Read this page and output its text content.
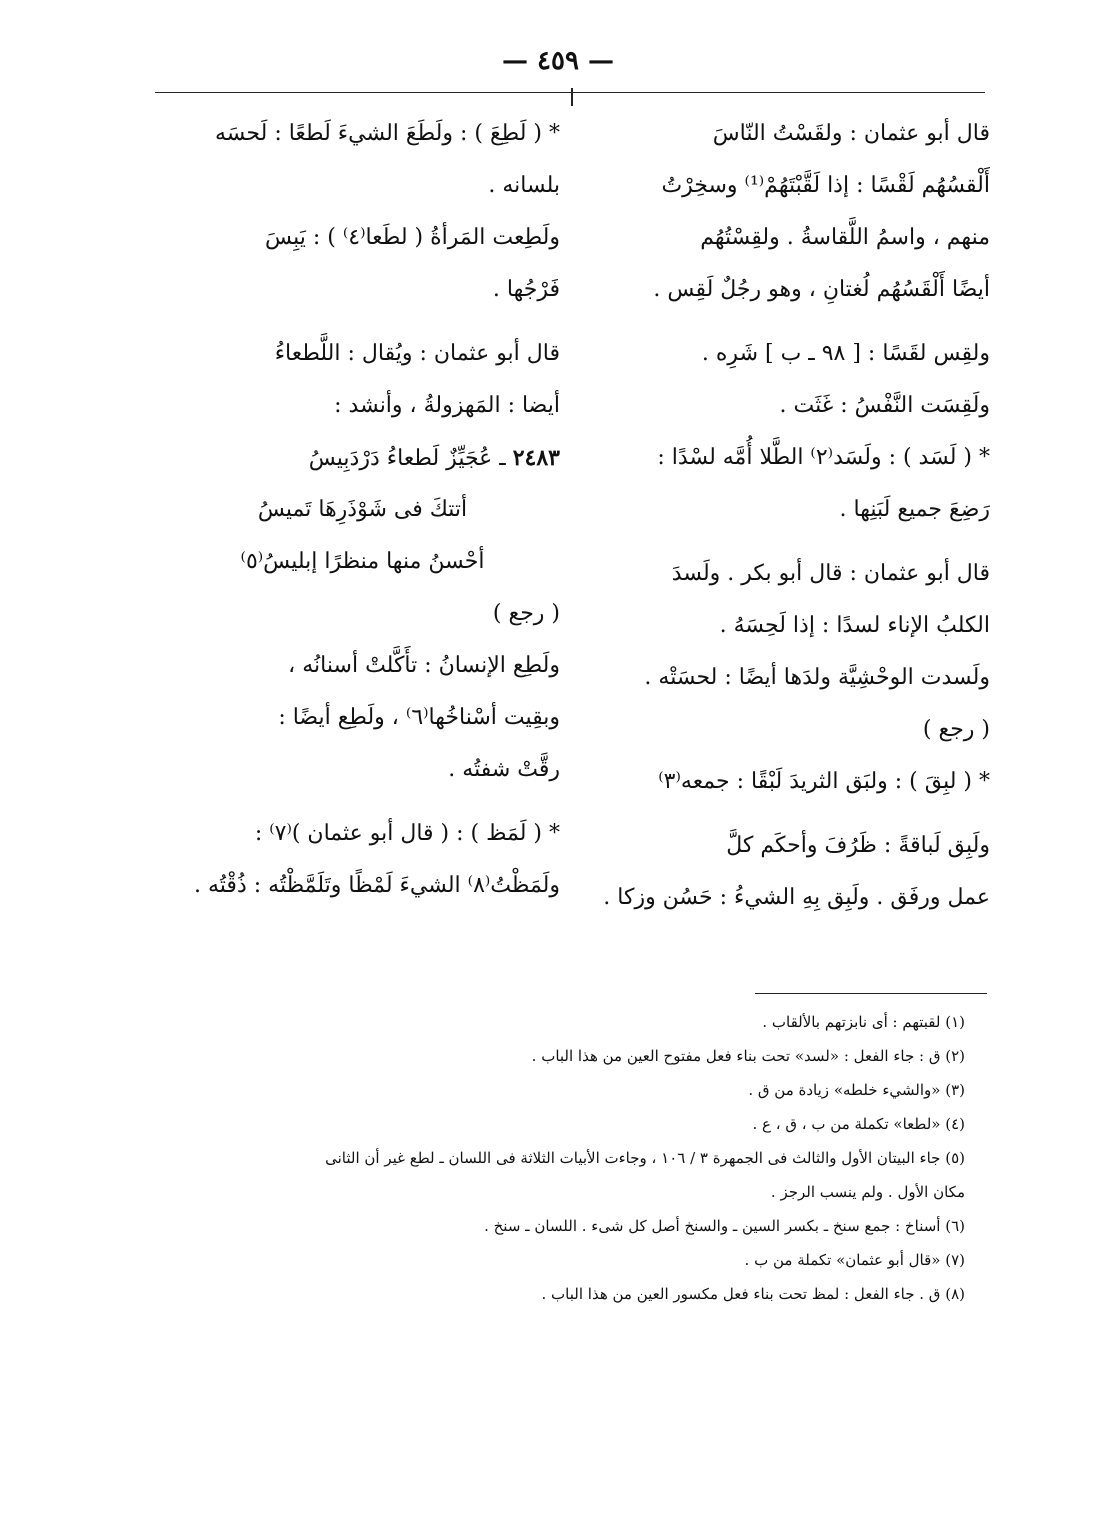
— ٤٥٩ —
قال أبو عثمان : ولقَسْتُ النّاسَ
أَلْقسُهُم لَقْسًا : إذا لَقَّبْتَهُمْ⁽¹⁾ وسخِرْتُ
منهم ، واسمُ اللَّقاسةُ . ولقِسْتُهُم
أيضًا أَلْقَسُهُم لُغتانِ ، وهو رجُلٌ لَقِس .
ولقِس لقَسًا : [ ٩٨ ـ ب ] شَرِه .
ولَقِسَت النَّفْسُ : غَثَت .
* ( لَسَد ) : ولَسَد⁽٢⁾ الطَّلا أُمَّه لسْدًا :
رَضِعَ جميع لَبَنِها .
قال أبو عثمان : قال أبو بكر . ولَسدَ
الكلبُ الإناء لسدًا : إذا لَحِسَهُ .
ولَسدت الوحْشِيَّة ولدَها أيضًا : لحسَتْه .
( رجع )
* ( لبِقَ ) : ولبَق الثريدَ لَبْقًا : جمعه⁽٣⁾
ولَبِق لَباقةً : ظَرُفَ وأحكَم كلَّ
عمل ورفَق . ولَبِق بِهِ الشيءُ : حَسُن وزكا .
* ( لَطِعَ ) : ولَطَعَ الشيءَ لَطعًا : لَحسَه
بلسانه .
ولَطِعت المَرأةُ ( لطَعا⁽٤⁾ ) : يَبِسَ
فَرْجُها .
قال أبو عثمان : ويُقال : اللَّطعاءُ
أيضا : المَهزولةُ ، وأنشد :
٢٤٨٣ ـ عُجَيِّزٌ لَطعاءُ دَرْدَبِيسُ
أتتكَ فى شَوْذَرِهَا تَميسُ
أحْسنُ منها منظرًا إبليسُ⁽٥⁾
( رجع )
ولَطِع الإنسانُ : تأَكَّلتْ أسنانُه ،
وبقِيت أسْناخُها⁽٦⁾ ، ولَطِع أيضًا :
رقَّتْ شفتُه .
* ( لَمَظ ) : ( قال أبو عثمان )⁽٧⁾ :
ولَمَظْتُ⁽٨⁾ الشيءَ لَمْظًا وتَلَمَّظْتُه : ذُقْتُه .
(١) لقبتهم : أى نابزتهم بالألقاب .
(٢) ق : جاء الفعل : «لسد» تحت بناء فعل مفتوح العين من هذا الباب .
(٣) «والشيء خلطه» زيادة من ق .
(٤) «لطعا» تكملة من ب ، ق ، ع .
(٥) جاء البيتان الأول والثالث فى الجمهرة ٣ / ١٠٦ ، وجاءت الأبيات الثلاثة فى اللسان ـ لطع غير أن الثانى
مكان الأول . ولم ينسب الرجز .
(٦) أسناخ : جمع سنخ ـ بكسر السين ـ والسنخ أصل كل شىء . اللسان ـ سنخ .
(٧) «قال أبو عثمان» تكملة من ب .
(٨) ق . جاء الفعل : لمظ تحت بناء فعل مكسور العين من هذا الباب .
